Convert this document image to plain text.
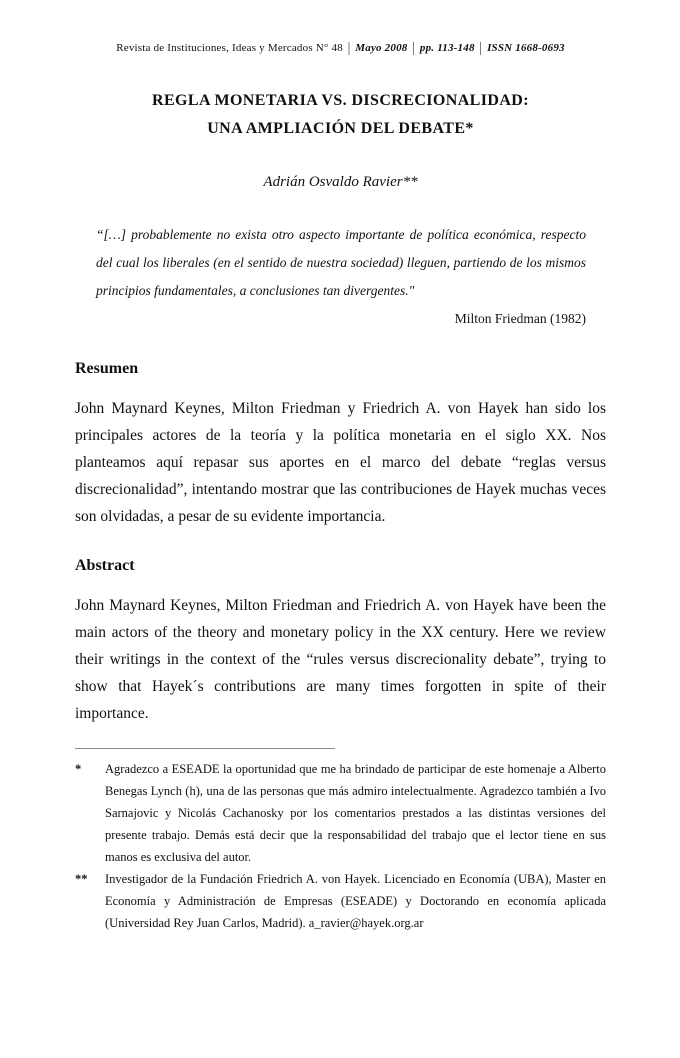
Revista de Instituciones, Ideas y Mercados N° 48 | Mayo 2008 | pp. 113-148 | ISSN 1668-0693
REGLA MONETARIA VS. DISCRECIONALIDAD:
UNA AMPLIACIÓN DEL DEBATE*
Adrián Osvaldo Ravier**
“[…] probablemente no exista otro aspecto importante de política económica, respecto del cual los liberales (en el sentido de nuestra sociedad) lleguen, partiendo de los mismos principios fundamentales, a conclusiones tan divergentes."
Milton Friedman (1982)
Resumen
John Maynard Keynes, Milton Friedman y Friedrich A. von Hayek han sido los principales actores de la teoría y la política monetaria en el siglo XX. Nos planteamos aquí repasar sus aportes en el marco del debate “reglas versus discrecionalidad”, intentando mostrar que las contribuciones de Hayek muchas veces son olvidadas, a pesar de su evidente importancia.
Abstract
John Maynard Keynes, Milton Friedman and Friedrich A. von Hayek have been the main actors of the theory and monetary policy in the XX century. Here we review their writings in the context of the “rules versus discrecionality debate”, trying to show that Hayek´s contributions are many times forgotten in spite of their importance.
*	Agradezco a ESEADE la oportunidad que me ha brindado de participar de este homenaje a Alberto Benegas Lynch (h), una de las personas que más admiro intelectualmente. Agradezco también a Ivo Sarnajovic y Nicolás Cachanosky por los comentarios prestados a las distintas versiones del presente trabajo. Demás está decir que la responsabilidad del trabajo que el lector tiene en sus manos es exclusiva del autor.
**	Investigador de la Fundación Friedrich A. von Hayek. Licenciado en Economía (UBA), Master en Economía y Administración de Empresas (ESEADE) y Doctorando en economía aplicada (Universidad Rey Juan Carlos, Madrid). a_ravier@hayek.org.ar
